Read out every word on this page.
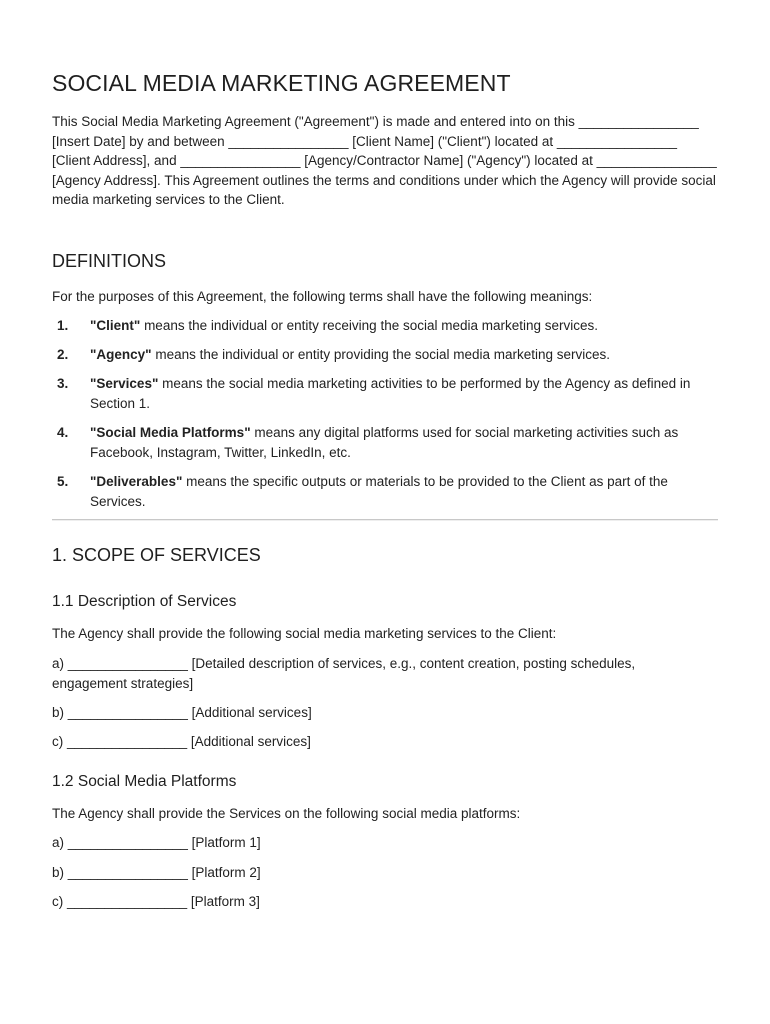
SOCIAL MEDIA MARKETING AGREEMENT

This Social Media Marketing Agreement ("Agreement") is made and entered into on this ________________ [Insert Date] by and between ________________ [Client Name] ("Client") located at ________________ [Client Address], and ________________ [Agency/Contractor Name] ("Agency") located at ________________ [Agency Address]. This Agreement outlines the terms and conditions under which the Agency will provide social media marketing services to the Client.

DEFINITIONS

For the purposes of this Agreement, the following terms shall have the following meanings:

1. "Client" means the individual or entity receiving the social media marketing services.
2. "Agency" means the individual or entity providing the social media marketing services.
3. "Services" means the social media marketing activities to be performed by the Agency as defined in Section 1.
4. "Social Media Platforms" means any digital platforms used for social marketing activities such as Facebook, Instagram, Twitter, LinkedIn, etc.
5. "Deliverables" means the specific outputs or materials to be provided to the Client as part of the Services.
1. SCOPE OF SERVICES
1.1 Description of Services

The Agency shall provide the following social media marketing services to the Client:

a) ________________ [Detailed description of services, e.g., content creation, posting schedules, engagement strategies]

b) ________________ [Additional services]

c) ________________ [Additional services]

1.2 Social Media Platforms

The Agency shall provide the Services on the following social media platforms:

a) ________________ [Platform 1]

b) ________________ [Platform 2]

c) ________________ [Platform 3]
